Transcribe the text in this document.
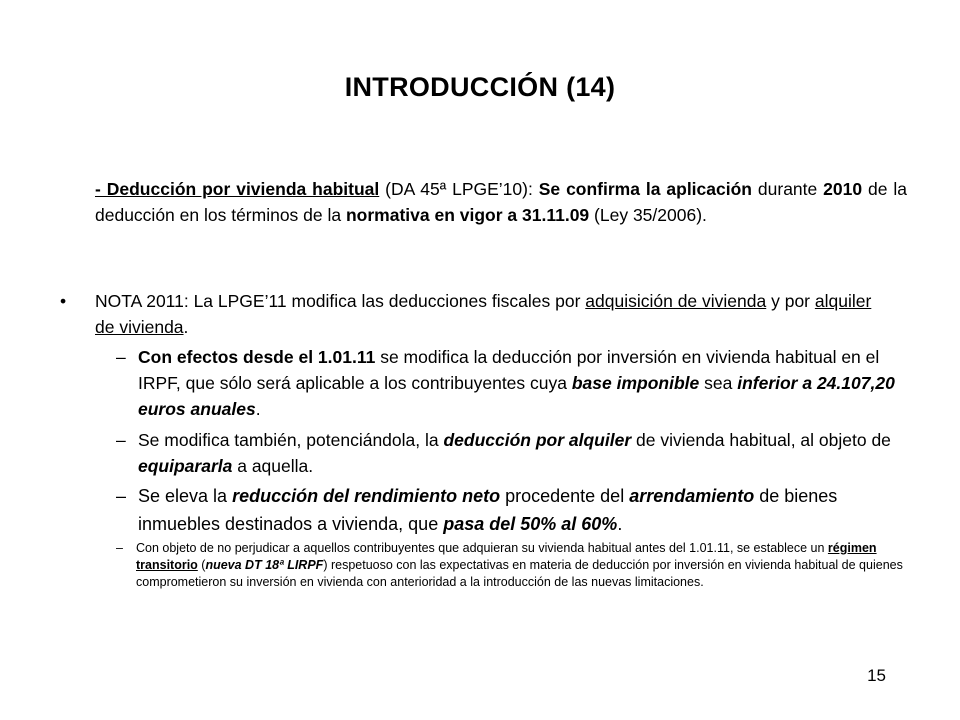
INTRODUCCIÓN (14)
- Deducción por vivienda habitual (DA 45ª LPGE’10): Se confirma la aplicación durante 2010 de la deducción en los términos de la normativa en vigor a 31.11.09 (Ley 35/2006).
• NOTA 2011: La LPGE’11 modifica las deducciones fiscales por adquisición de vivienda y por alquiler de vivienda.
– Con efectos desde el 1.01.11 se modifica la deducción por inversión en vivienda habitual en el IRPF, que sólo será aplicable a los contribuyentes cuya base imponible sea inferior a 24.107,20 euros anuales.
– Se modifica también, potenciándola, la deducción por alquiler de vivienda habitual, al objeto de equipararla a aquella.
– Se eleva la reducción del rendimiento neto procedente del arrendamiento de bienes inmuebles destinados a vivienda, que pasa del 50% al 60%.
– Con objeto de no perjudicar a aquellos contribuyentes que adquieran su vivienda habitual antes del 1.01.11, se establece un régimen transitorio (nueva DT 18ª LIRPF) respetuoso con las expectativas en materia de deducción por inversión en vivienda habitual de quienes comprometieron su inversión en vivienda con anterioridad a la introducción de las nuevas limitaciones.
15
